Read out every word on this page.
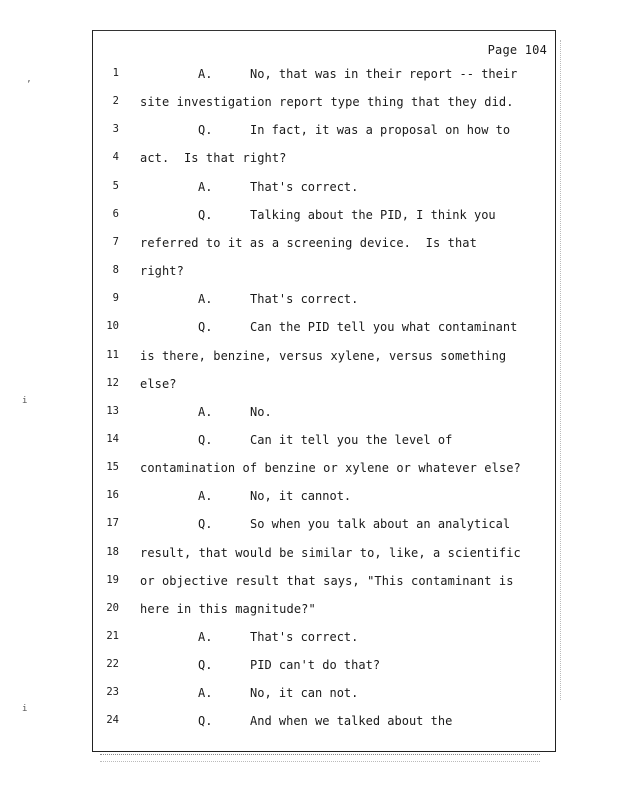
Page 104
1	A.	No, that was in their report -- their
2 site investigation report type thing that they did.
3	Q.	In fact, it was a proposal on how to
4 act.  Is that right?
5	A.	That's correct.
6	Q.	Talking about the PID, I think you
7 referred to it as a screening device.  Is that
8 right?
9	A.	That's correct.
10	Q.	Can the PID tell you what contaminant
11 is there, benzine, versus xylene, versus something
12 else?
13	A.	No.
14	Q.	Can it tell you the level of
15 contamination of benzine or xylene or whatever else?
16	A.	No, it cannot.
17	Q.	So when you talk about an analytical
18 result, that would be similar to, like, a scientific
19 or objective result that says, "This contaminant is
20 here in this magnitude?"
21	A.	That's correct.
22	Q.	PID can't do that?
23	A.	No, it can not.
24	Q.	And when we talked about the
’
i
i
